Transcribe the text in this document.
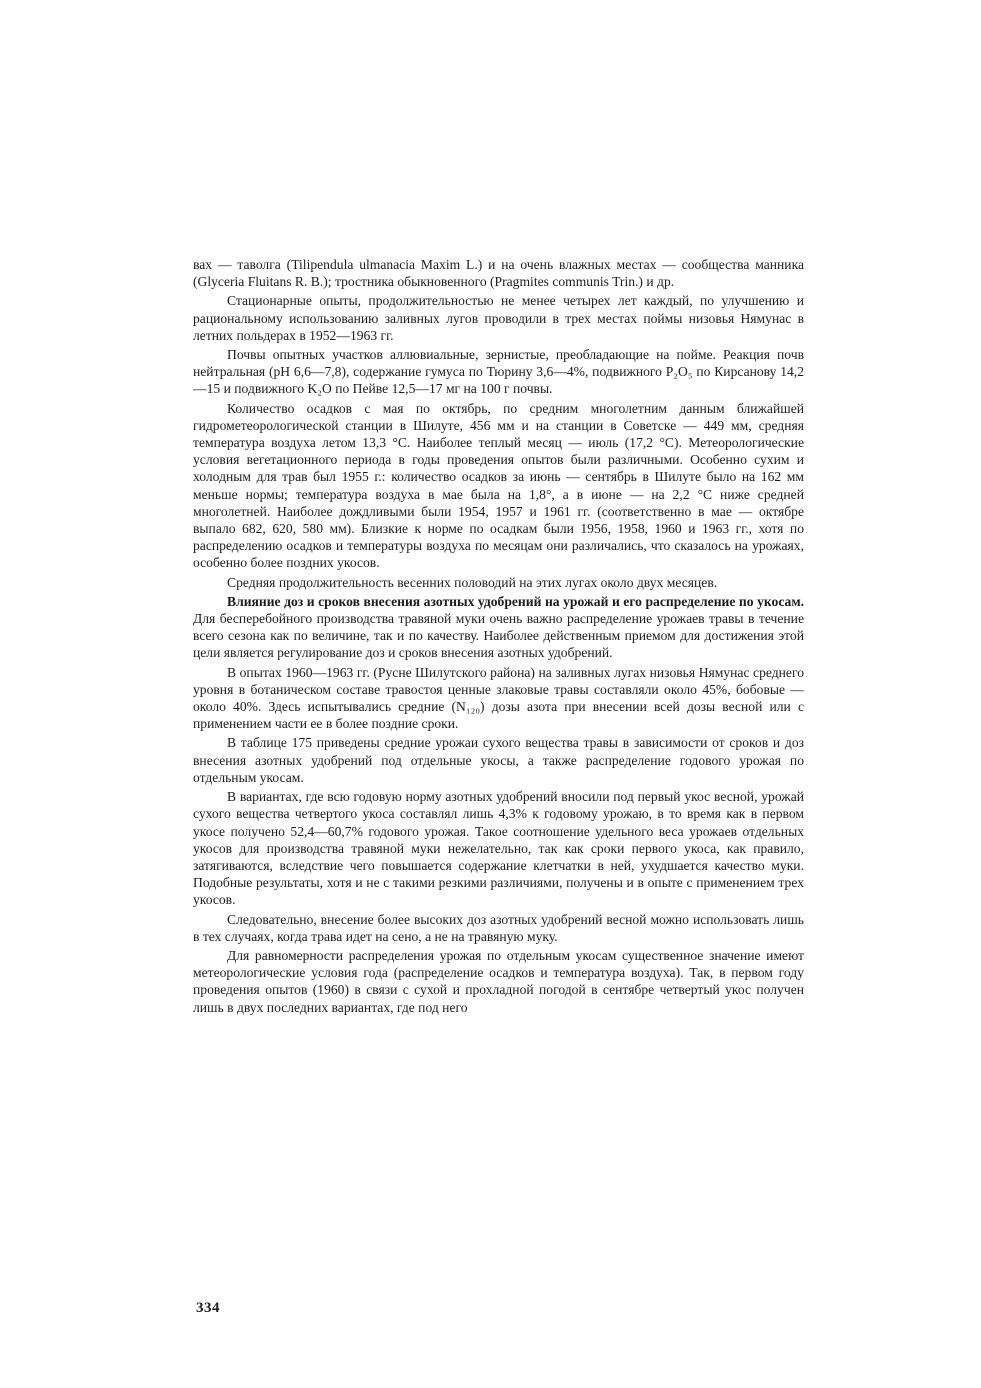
вах — таволга (Tilipendula ulmanacia Maxim L.) и на очень влажных местах — сообщества манника (Glyceria Fluitans R. B.); тростника обыкновенного (Pragmites communis Trin.) и др.

Стационарные опыты, продолжительностью не менее четырех лет каждый, по улучшению и рациональному использованию заливных лугов проводили в трех местах поймы низовья Нямунас в летних польдерах в 1952—1963 гг.

Почвы опытных участков аллювиальные, зернистые, преобладающие на пойме. Реакция почв нейтральная (pH 6,6—7,8), содержание гумуса по Тюрину 3,6—4%, подвижного P₂O₅ по Кирсанову 14,2—15 и подвижного K₂O по Пейве 12,5—17 мг на 100 г почвы.

Количество осадков с мая по октябрь, по средним многолетним данным ближайшей гидрометеорологической станции в Шилуте, 456 мм и на станции в Советске — 449 мм, средняя температура воздуха летом 13,3 °С. Наиболее теплый месяц — июль (17,2 °С). Метеорологические условия вегетационного периода в годы проведения опытов были различными. Особенно сухим и холодным для трав был 1955 г.: количество осадков за июнь — сентябрь в Шилуте было на 162 мм меньше нормы; температура воздуха в мае была на 1,8°, а в июне — на 2,2 °С ниже средней многолетней. Наиболее дождливыми были 1954, 1957 и 1961 гг. (соответственно в мае — октябре выпало 682, 620, 580 мм). Близкие к норме по осадкам были 1956, 1958, 1960 и 1963 гг., хотя по распределению осадков и температуры воздуха по месяцам они различались, что сказалось на урожаях, особенно более поздних укосов.

Средняя продолжительность весенних половодий на этих лугах около двух месяцев.

Влияние доз и сроков внесения азотных удобрений на урожай и его распределение по укосам. Для бесперебойного производства травяной муки очень важно распределение урожаев травы в течение всего сезона как по величине, так и по качеству. Наиболее действенным приемом для достижения этой цели является регулирование доз и сроков внесения азотных удобрений.

В опытах 1960—1963 гг. (Русне Шилутского района) на заливных лугах низовья Нямунас среднего уровня в ботаническом составе травостоя ценные злаковые травы составляли около 45%, бобовые — около 40%. Здесь испытывались средние (N₁₂₀) дозы азота при внесении всей дозы весной или с применением части ее в более поздние сроки.

В таблице 175 приведены средние урожаи сухого вещества травы в зависимости от сроков и доз внесения азотных удобрений под отдельные укосы, а также распределение годового урожая по отдельным укосам.

В вариантах, где всю годовую норму азотных удобрений вносили под первый укос весной, урожай сухого вещества четвертого укоса составлял лишь 4,3% к годовому урожаю, в то время как в первом укосе получено 52,4—60,7% годового урожая. Такое соотношение удельного веса урожаев отдельных укосов для производства травяной муки нежелательно, так как сроки первого укоса, как правило, затягиваются, вследствие чего повышается содержание клетчатки в ней, ухудшается качество муки. Подобные результаты, хотя и не с такими резкими различиями, получены и в опыте с применением трех укосов.

Следовательно, внесение более высоких доз азотных удобрений весной можно использовать лишь в тех случаях, когда трава идет на сено, а не на травяную муку.

Для равномерности распределения урожая по отдельным укосам существенное значение имеют метеорологические условия года (распределение осадков и температура воздуха). Так, в первом году проведения опытов (1960) в связи с сухой и прохладной погодой в сентябре четвертый укос получен лишь в двух последних вариантах, где под него

334
